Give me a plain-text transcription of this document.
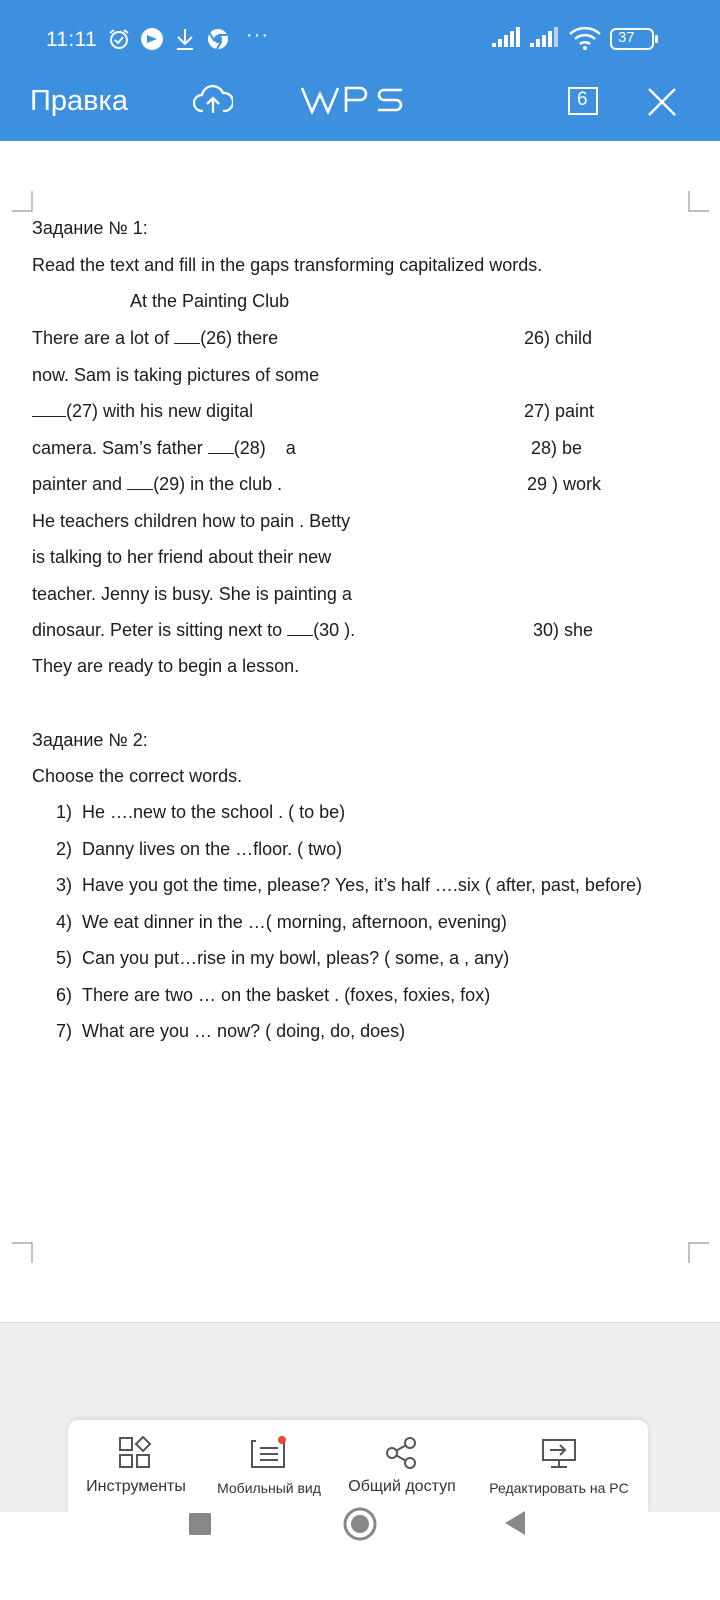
11:11	···	37
Правка	6
Задание № 1:
Read the text and fill in the gaps transforming capitalized words.
At the Painting Club
There are a lot of (26) there	26) child
now. Sam is taking pictures of some
(27) with his new digital	27) paint
camera. Sam’s father (28)    a	28) be
painter and (29) in the club .	29 ) work
He teachers children how to pain . Betty
is talking to her friend about their new
teacher. Jenny is busy. She is painting a
dinosaur. Peter is sitting next to (30 ).	30) she
They are ready to begin a lesson.
Задание № 2:
Choose the correct words.
1) He ….new to the school . ( to be)
2) Danny lives on the …floor. ( two)
3) Have you got the time, please? Yes, it’s half ….six ( after, past, before)
4) We eat dinner in the …( morning, afternoon, evening)
5) Can you put…rise in my bowl, pleas? ( some, a , any)
6) There are two … on the basket . (foxes, foxies, fox)
7) What are you … now? ( doing, do, does)
Инструменты	Мобильный вид	Общий доступ	Редактировать на PC
